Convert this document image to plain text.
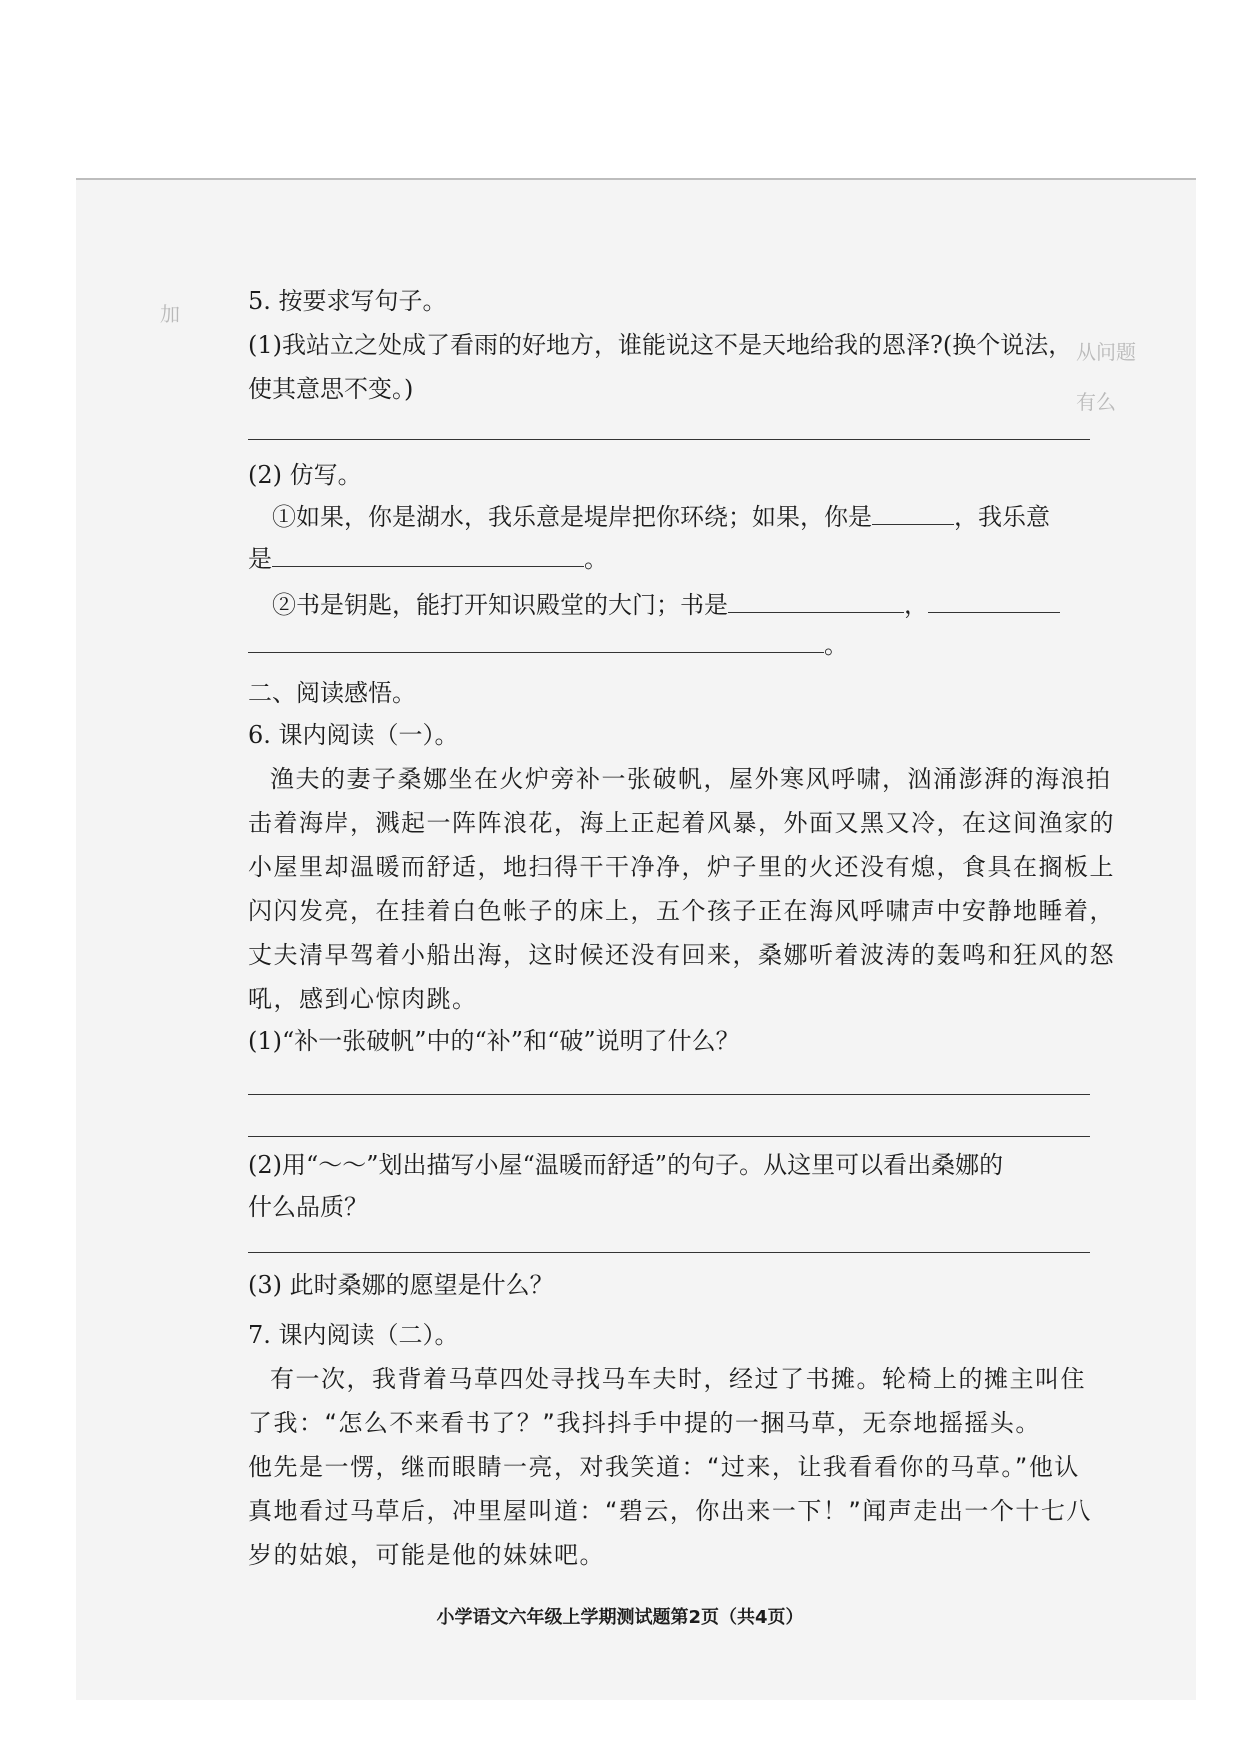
加
从问题
有么
5. 按要求写句子。
(1)我站立之处成了看雨的好地方，谁能说这不是天地给我的恩泽?(换个说法，
使其意思不变。)
(2) 仿写。
①如果，你是湖水，我乐意是堤岸把你环绕；如果，你是	，我乐意
是	。
②书是钥匙，能打开知识殿堂的大门；书是	，
。
二、阅读感悟。
6. 课内阅读（一）。
渔夫的妻子桑娜坐在火炉旁补一张破帆，屋外寒风呼啸，汹涌澎湃的海浪拍
击着海岸，溅起一阵阵浪花，海上正起着风暴，外面又黑又冷，在这间渔家的
小屋里却温暖而舒适，地扫得干干净净，炉子里的火还没有熄，食具在搁板上
闪闪发亮，在挂着白色帐子的床上，五个孩子正在海风呼啸声中安静地睡着，
丈夫清早驾着小船出海，这时候还没有回来，桑娜听着波涛的轰鸣和狂风的怒
吼，感到心惊肉跳。
(1)“补一张破帆”中的“补”和“破”说明了什么？
(2)用“～～”划出描写小屋“温暖而舒适”的句子。从这里可以看出桑娜的
什么品质？
(3) 此时桑娜的愿望是什么？
7. 课内阅读（二）。
有一次，我背着马草四处寻找马车夫时，经过了书摊。轮椅上的摊主叫住
了我：“怎么不来看书了？”我抖抖手中提的一捆马草，无奈地摇摇头。
他先是一愣，继而眼睛一亮，对我笑道：“过来，让我看看你的马草。”他认
真地看过马草后，冲里屋叫道：“碧云，你出来一下！”闻声走出一个十七八
岁的姑娘，可能是他的妹妹吧。
小学语文六年级上学期测试题第2页（共4页）
